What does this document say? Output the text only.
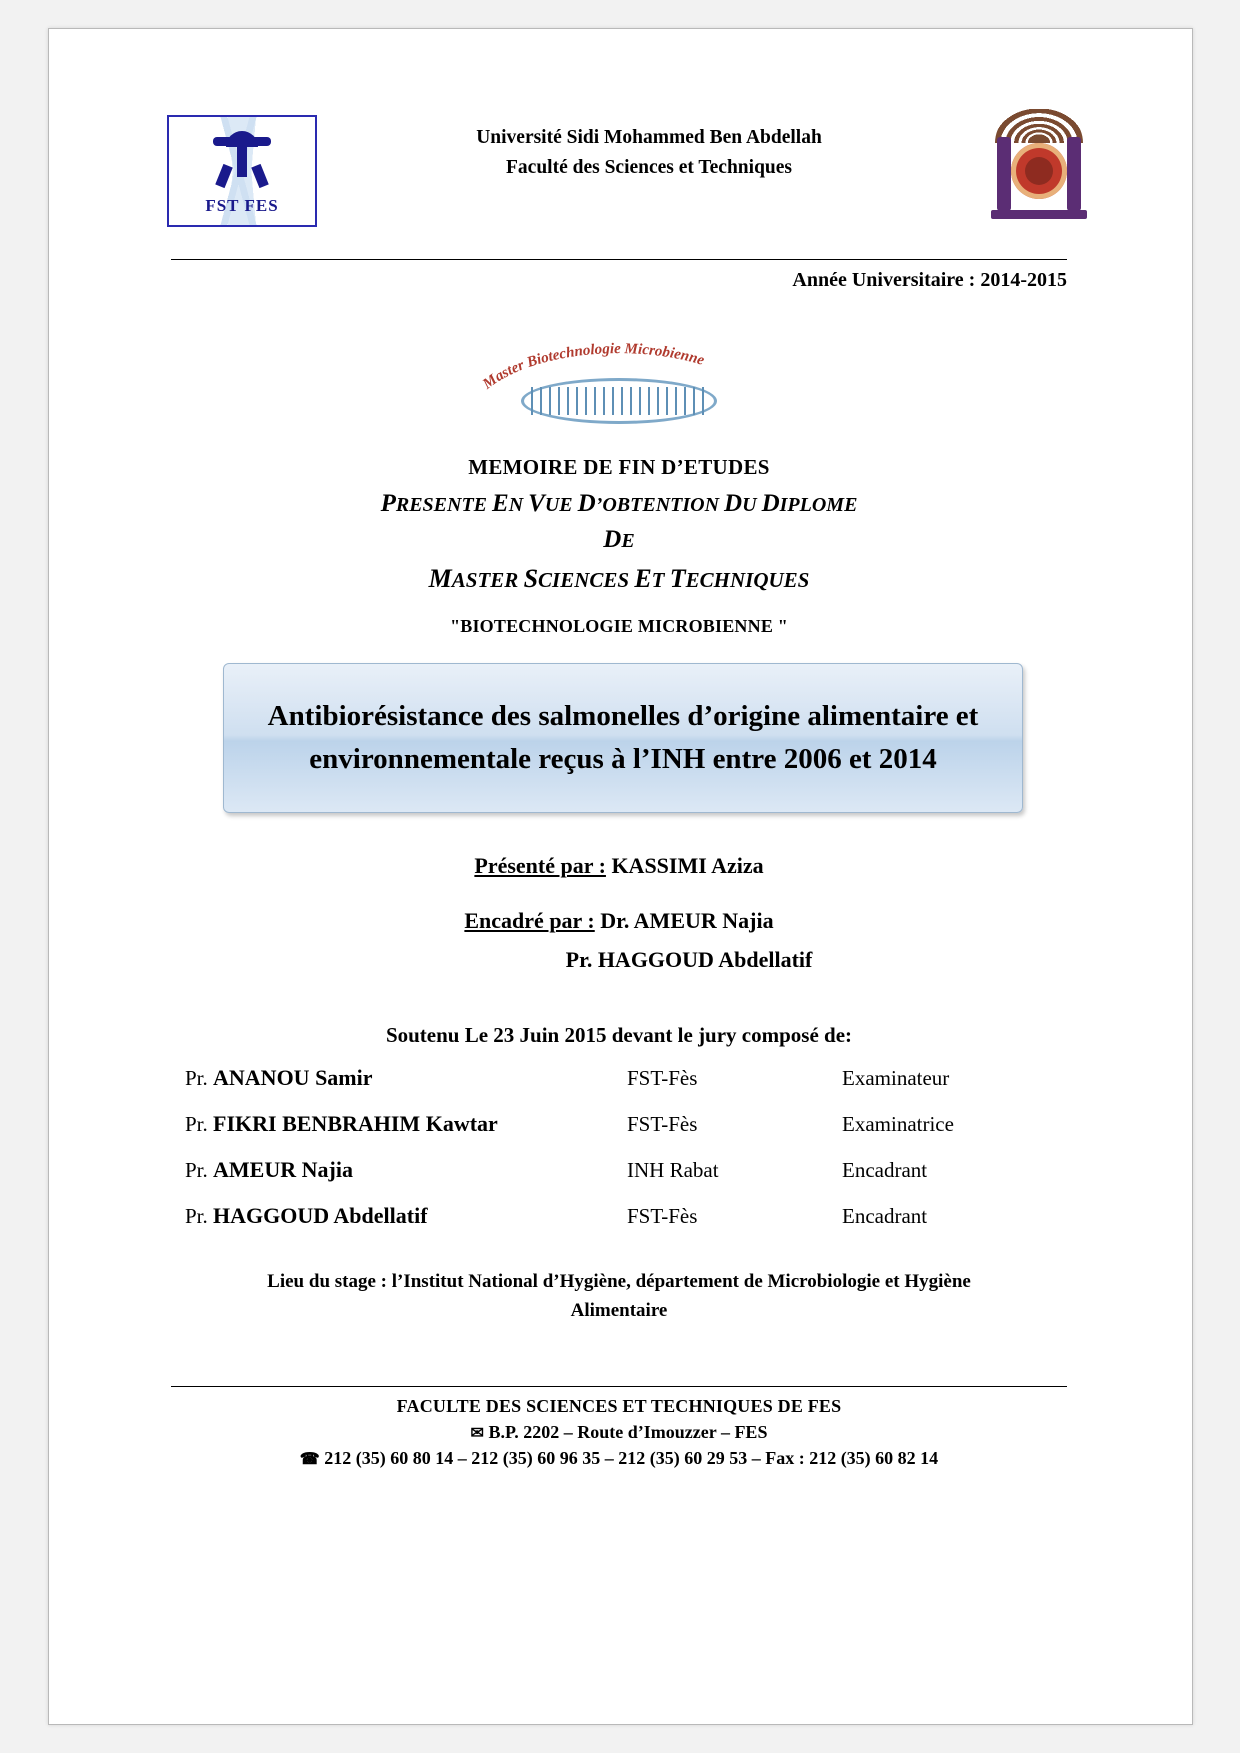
FST FES
Université Sidi Mohammed Ben Abdellah
Faculté des Sciences et Techniques
Année Universitaire : 2014-2015
Master Biotechnologie Microbienne
MEMOIRE DE FIN D’ETUDES
PRESENTE EN VUE D’OBTENTION DU DIPLOME
DE
MASTER SCIENCES ET TECHNIQUES
"BIOTECHNOLOGIE MICROBIENNE "
Antibiorésistance des salmonelles d’origine alimentaire et environnementale reçus à l’INH entre 2006 et 2014
Présenté par : KASSIMI Aziza
Encadré par : Dr. AMEUR Najia
Pr. HAGGOUD Abdellatif
Soutenu Le 23 Juin 2015 devant le jury composé de:
Pr. ANANOU Samir	FST-Fès	Examinateur
Pr. FIKRI BENBRAHIM Kawtar	FST-Fès	Examinatrice
Pr. AMEUR Najia	INH Rabat	Encadrant
Pr. HAGGOUD Abdellatif	FST-Fès	Encadrant
Lieu du stage : l’Institut National d’Hygiène, département de Microbiologie et Hygiène
Alimentaire
FACULTE DES SCIENCES ET TECHNIQUES DE FES
✉ B.P. 2202 – Route d’Imouzzer – FES
☎ 212 (35) 60 80 14 – 212 (35) 60 96 35 – 212 (35) 60 29 53 – Fax : 212 (35) 60 82 14
